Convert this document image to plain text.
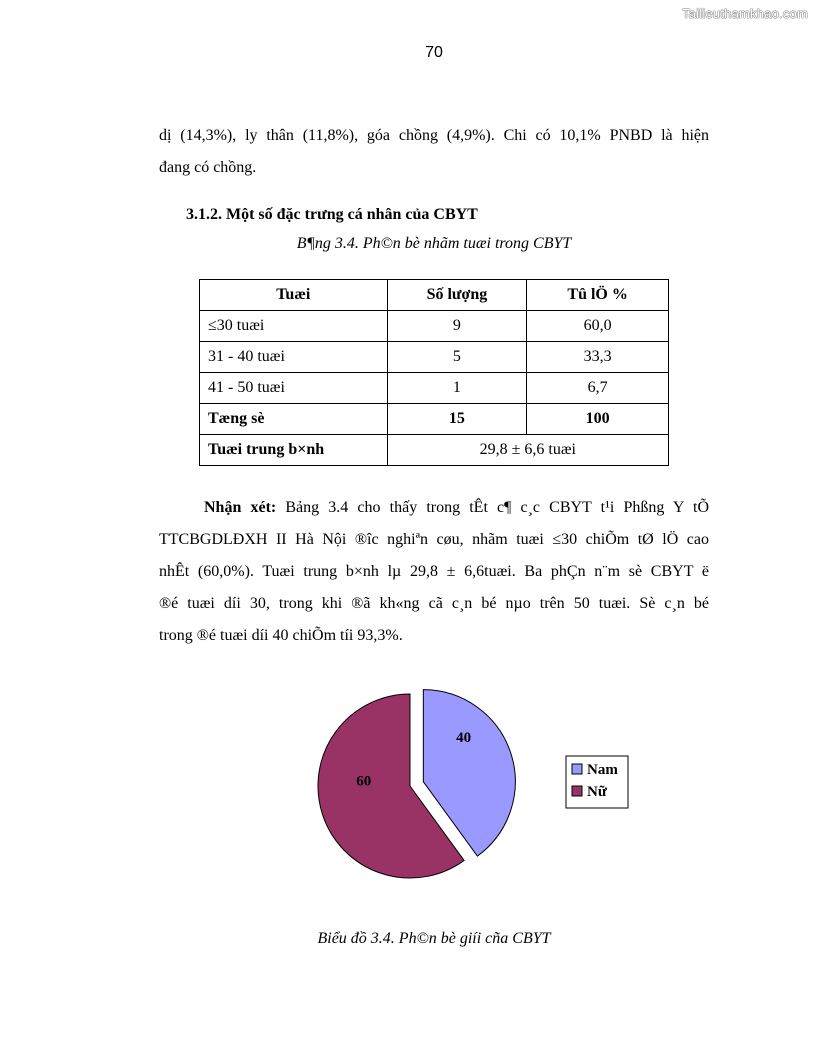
Tailieuthamkhao.com
70
dị (14,3%), ly thân (11,8%), góa chồng (4,9%). Chi có 10,1% PNBD là hiện
đang có chồng.
3.1.2. Một số đặc trưng cá nhân của CBYT
B¶ng 3.4. Ph©n bè nhãm tuæi trong CBYT
Tuæi	Số lượng	Tû lÖ %
≤30 tuæi	9	60,0
31 - 40 tuæi	5	33,3
41 - 50 tuæi	1	6,7
Tæng sè	15	100
Tuæi trung b×nh	29,8 ± 6,6 tuæi	
Nhận xét: Bảng 3.4 cho thấy trong tÊt c¶ c¸c CBYT t¹i Phßng Y tÕ
TTCBGDLĐXH II Hà Nội ®îc nghiªn cøu, nhãm tuæi ≤30 chiÕm tØ lÖ cao
nhÊt (60,0%). Tuæi trung b×nh lµ 29,8 ± 6,6tuæi. Ba phÇn n¨m sè CBYT ë
®é tuæi díi 30, trong khi ®ã kh«ng cã c¸n bé nµo trên 50 tuæi. Sè c¸n bé
trong ®é tuæi díi 40 chiÕm tíi 93,3%.
40
60
Nam
Nữ
Biểu đồ 3.4. Ph©n bè giíi cña CBYT
